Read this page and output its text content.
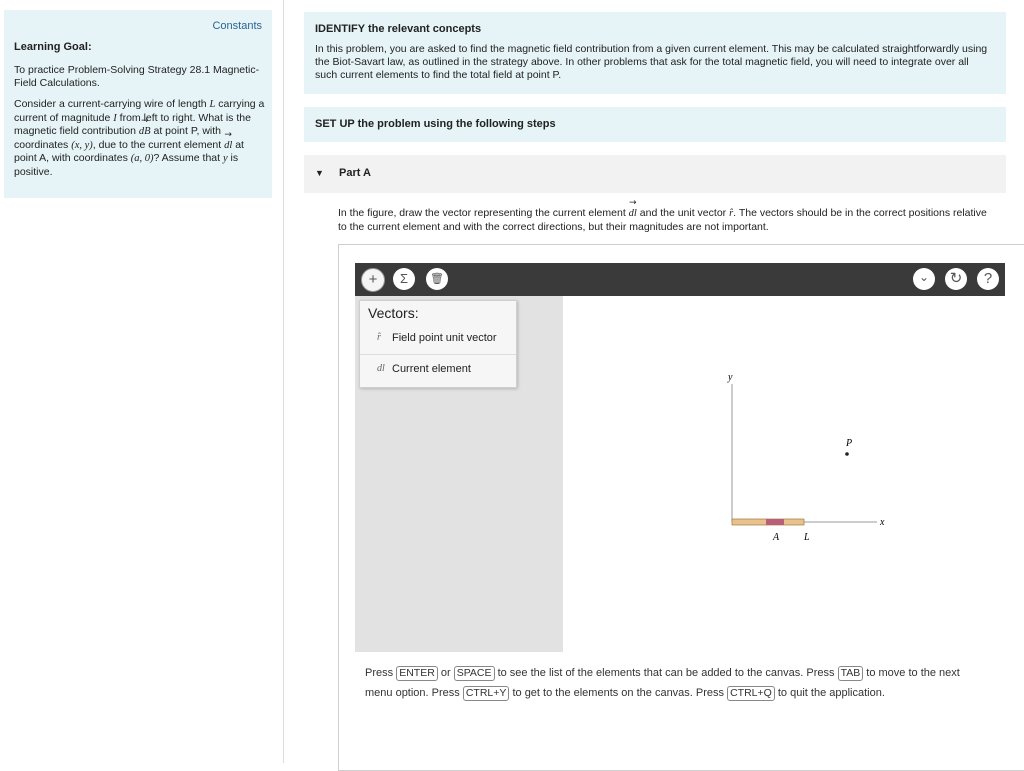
Constants
Learning Goal:
To practice Problem-Solving Strategy 28.1 Magnetic-Field Calculations.
Consider a current-carrying wire of length L carrying a current of magnitude I from left to right. What is the magnetic field contribution → dB at point P, with coordinates (x, y), due to the current element → dl at point A, with coordinates (a, 0)? Assume that y is positive.
IDENTIFY the relevant concepts
In this problem, you are asked to find the magnetic field contribution from a given current element. This may be calculated straightforwardly using the Biot-Savart law, as outlined in the strategy above. In other problems that ask for the total magnetic field, you will need to integrate over all such current elements to find the total field at point P.
SET UP the problem using the following steps
▼ Part A
In the figure, draw the vector representing the current element → dl and the unit vector r̂. The vectors should be in the correct positions relative to the current element and with the correct directions, but their magnitudes are not important.
+	Σ	🗑	⌄	↻	?
Vectors:
r̂ Field point unit vector
dl⃗ Current element
y
x
P
A L
Press ENTER or SPACE to see the list of the elements that can be added to the canvas. Press TAB to move to the next menu option. Press CTRL+Y to get to the elements on the canvas. Press CTRL+Q to quit the application.
